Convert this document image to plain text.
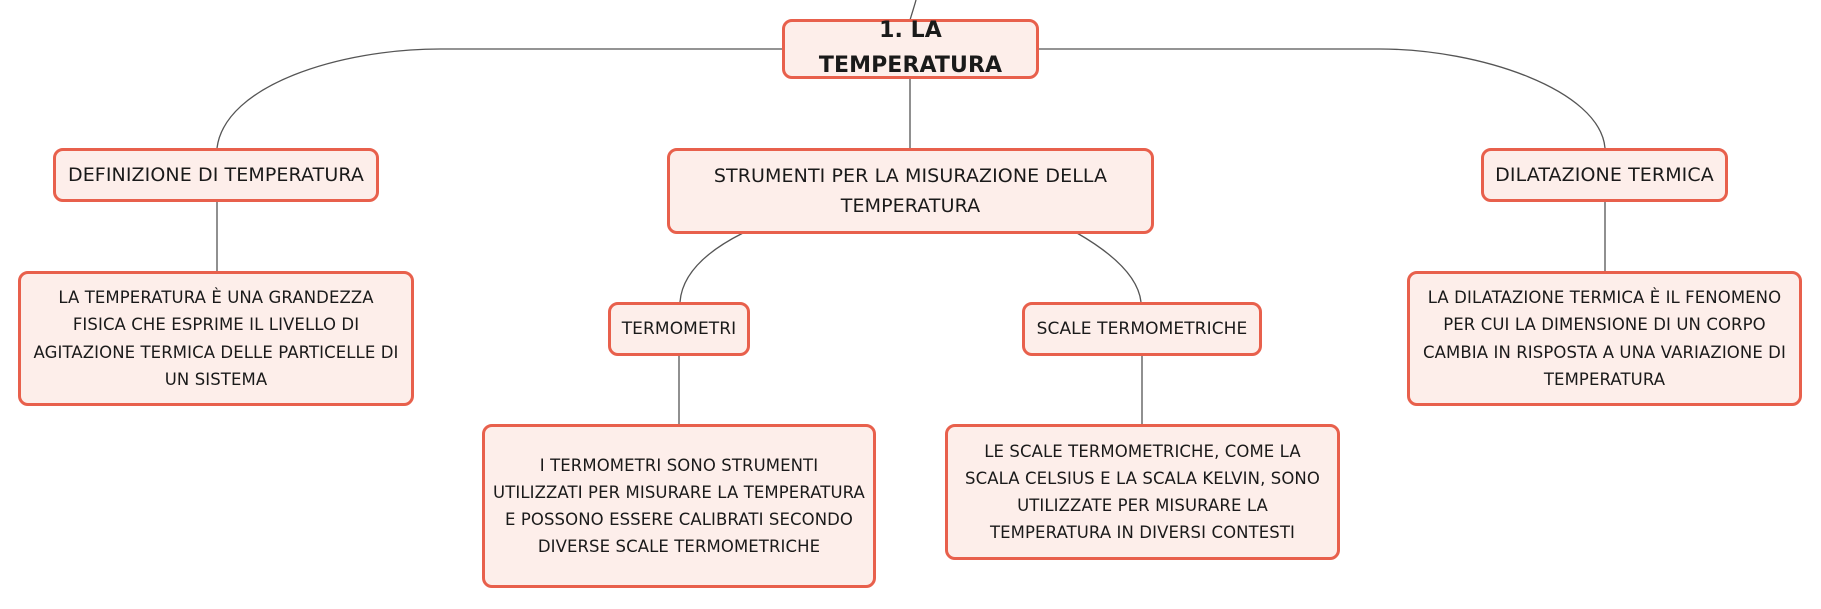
1. LA TEMPERATURA
DEFINIZIONE DI TEMPERATURA	STRUMENTI PER LA MISURAZIONE DELLA TEMPERATURA
DILATAZIONE TERMICA
LA TEMPERATURA È UNA GRANDEZZA FISICA CHE ESPRIME IL LIVELLO DI AGITAZIONE TERMICA DELLE PARTICELLE DI UN SISTEMA
TERMOMETRI	SCALE TERMOMETRICHE
LA DILATAZIONE TERMICA È IL FENOMENO PER CUI LA DIMENSIONE DI UN CORPO CAMBIA IN RISPOSTA A UNA VARIAZIONE DI TEMPERATURA
I TERMOMETRI SONO STRUMENTI UTILIZZATI PER MISURARE LA TEMPERATURA E POSSONO ESSERE CALIBRATI SECONDO DIVERSE SCALE TERMOMETRICHE
LE SCALE TERMOMETRICHE, COME LA SCALA CELSIUS E LA SCALA KELVIN, SONO UTILIZZATE PER MISURARE LA TEMPERATURA IN DIVERSI CONTESTI
